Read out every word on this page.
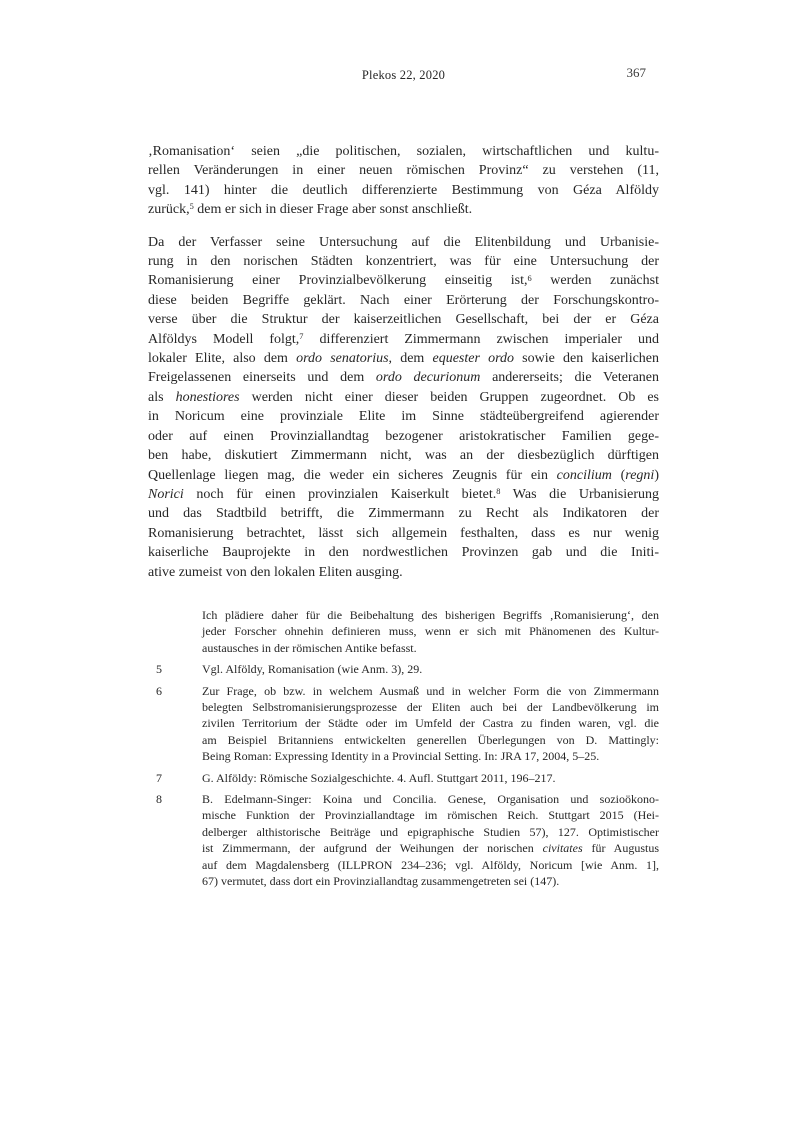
Plekos 22, 2020	367

‚Romanisation‘ seien „die politischen, sozialen, wirtschaftlichen und kultu-
rellen Veränderungen in einer neuen römischen Provinz“ zu verstehen (11,
vgl. 141) hinter die deutlich differenzierte Bestimmung von Géza Alföldy
zurück,$^5$ dem er sich in dieser Frage aber sonst anschließt.

Da der Verfasser seine Untersuchung auf die Elitenbildung und Urbanisie-
rung in den norischen Städten konzentriert, was für eine Untersuchung der
Romanisierung einer Provinzialbevölkerung einseitig ist,$^6$ werden zunächst
diese beiden Begriffe geklärt. Nach einer Erörterung der Forschungskontro-
verse über die Struktur der kaiserzeitlichen Gesellschaft, bei der er Géza
Alföldys Modell folgt,$^7$ differenziert Zimmermann zwischen imperialer und
lokaler Elite, also dem ordo senatorius, dem equester ordo sowie den kaiserlichen
Freigelassenen einerseits und dem ordo decurionum andererseits; die Veteranen
als honestiores werden nicht einer dieser beiden Gruppen zugeordnet. Ob es
in Noricum eine provinziale Elite im Sinne städteübergreifend agierender
oder auf einen Provinziallandtag bezogener aristokratischer Familien gege-
ben habe, diskutiert Zimmermann nicht, was an der diesbezüglich dürftigen
Quellenlage liegen mag, die weder ein sicheres Zeugnis für ein concilium (regni)
Norici noch für einen provinzialen Kaiserkult bietet.$^8$ Was die Urbanisierung
und das Stadtbild betrifft, die Zimmermann zu Recht als Indikatoren der
Romanisierung betrachtet, lässt sich allgemein festhalten, dass es nur wenig
kaiserliche Bauprojekte in den nordwestlichen Provinzen gab und die Initi-
ative zumeist von den lokalen Eliten ausging.

Ich plädiere daher für die Beibehaltung des bisherigen Begriffs ‚Romanisierung‘, den
jeder Forscher ohnehin definieren muss, wenn er sich mit Phänomenen des Kultur-
austausches in der römischen Antike befasst.
5	Vgl. Alföldy, Romanisation (wie Anm. 3), 29.
6	Zur Frage, ob bzw. in welchem Ausmaß und in welcher Form die von Zimmermann
belegten Selbstromanisierungsprozesse der Eliten auch bei der Landbevölkerung im
zivilen Territorium der Städte oder im Umfeld der Castra zu finden waren, vgl. die
am Beispiel Britanniens entwickelten generellen Überlegungen von D. Mattingly:
Being Roman: Expressing Identity in a Provincial Setting. In: JRA 17, 2004, 5–25.
7	G. Alföldy: Römische Sozialgeschichte. 4. Aufl. Stuttgart 2011, 196–217.
8	B. Edelmann-Singer: Koina und Concilia. Genese, Organisation und sozioökono-
mische Funktion der Provinziallandtage im römischen Reich. Stuttgart 2015 (Hei-
delberger althistorische Beiträge und epigraphische Studien 57), 127. Optimistischer
ist Zimmermann, der aufgrund der Weihungen der norischen civitates für Augustus
auf dem Magdalensberg (ILLPRON 234–236; vgl. Alföldy, Noricum [wie Anm. 1],
67) vermutet, dass dort ein Provinziallandtag zusammengetreten sei (147).
